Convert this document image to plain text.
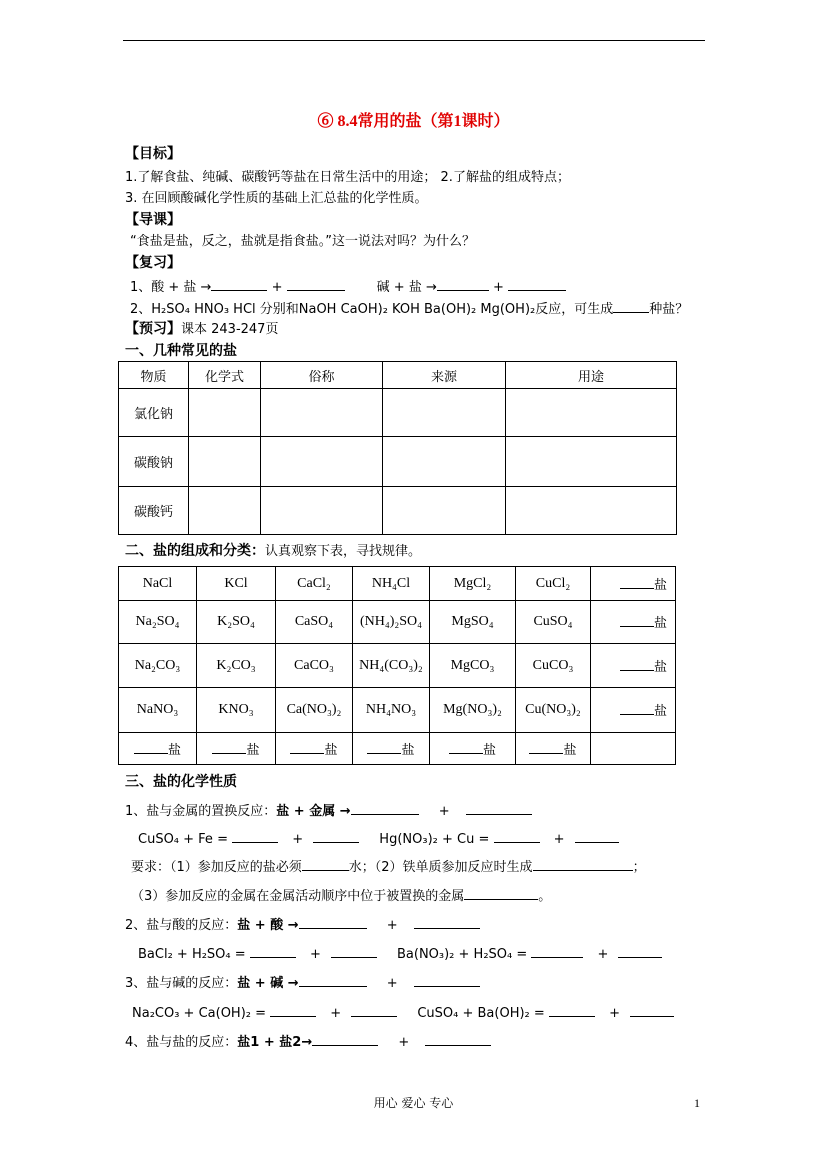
⑥ 8.4常用的盐（第1课时）
【目标】
1.了解食盐、纯碱、碳酸钙等盐在日常生活中的用途； 2.了解盐的组成特点；
3. 在回顾酸碱化学性质的基础上汇总盐的化学性质。
【导课】
“食盐是盐，反之，盐就是指食盐。”这一说法对吗？为什么？
【复习】
1、酸 + 盐 →	+	碱 + 盐 →	+
2、H₂SO₄ HNO₃ HCl 分别和NaOH CaOH)₂ KOH Ba(OH)₂ Mg(OH)₂反应，可生成	种盐？
【预习】课本 243-247页
一、几种常见的盐
物质	化学式	俗称	来源	用途
氯化钠				
碳酸钠				
碳酸钙				
二、盐的组成和分类：认真观察下表，寻找规律。
NaCl	KCl	CaCl₂	NH₄Cl	MgCl₂	CuCl₂	盐
Na₂SO₄	K₂SO₄	CaSO₄	(NH₄)₂SO₄	MgSO₄	CuSO₄	盐
Na₂CO₃	K₂CO₃	CaCO₃	NH₄(CO₃)₂	MgCO₃	CuCO₃	盐
NaNO₃	KNO₃	Ca(NO₃)₂	NH₄NO₃	Mg(NO₃)₂	Cu(NO₃)₂	盐
盐	盐	盐	盐	盐	盐	
三、盐的化学性质
1、盐与金属的置换反应：盐 + 金属 →	+
CuSO₄ + Fe =	+	Hg(NO₃)₂ + Cu =	+
要求：（1）参加反应的盐必须	水；（2）铁单质参加反应时生成	；
（3）参加反应的金属在金属活动顺序中位于被置换的金属	。
2、盐与酸的反应：盐 + 酸 →	+
BaCl₂ + H₂SO₄ =	+	Ba(NO₃)₂ + H₂SO₄ =	+
3、盐与碱的反应：盐 + 碱 →	+
Na₂CO₃ + Ca(OH)₂ =	+	CuSO₄ + Ba(OH)₂ =	+
4、盐与盐的反应：盐1 + 盐2→	+
用心 爱心 专心	1
